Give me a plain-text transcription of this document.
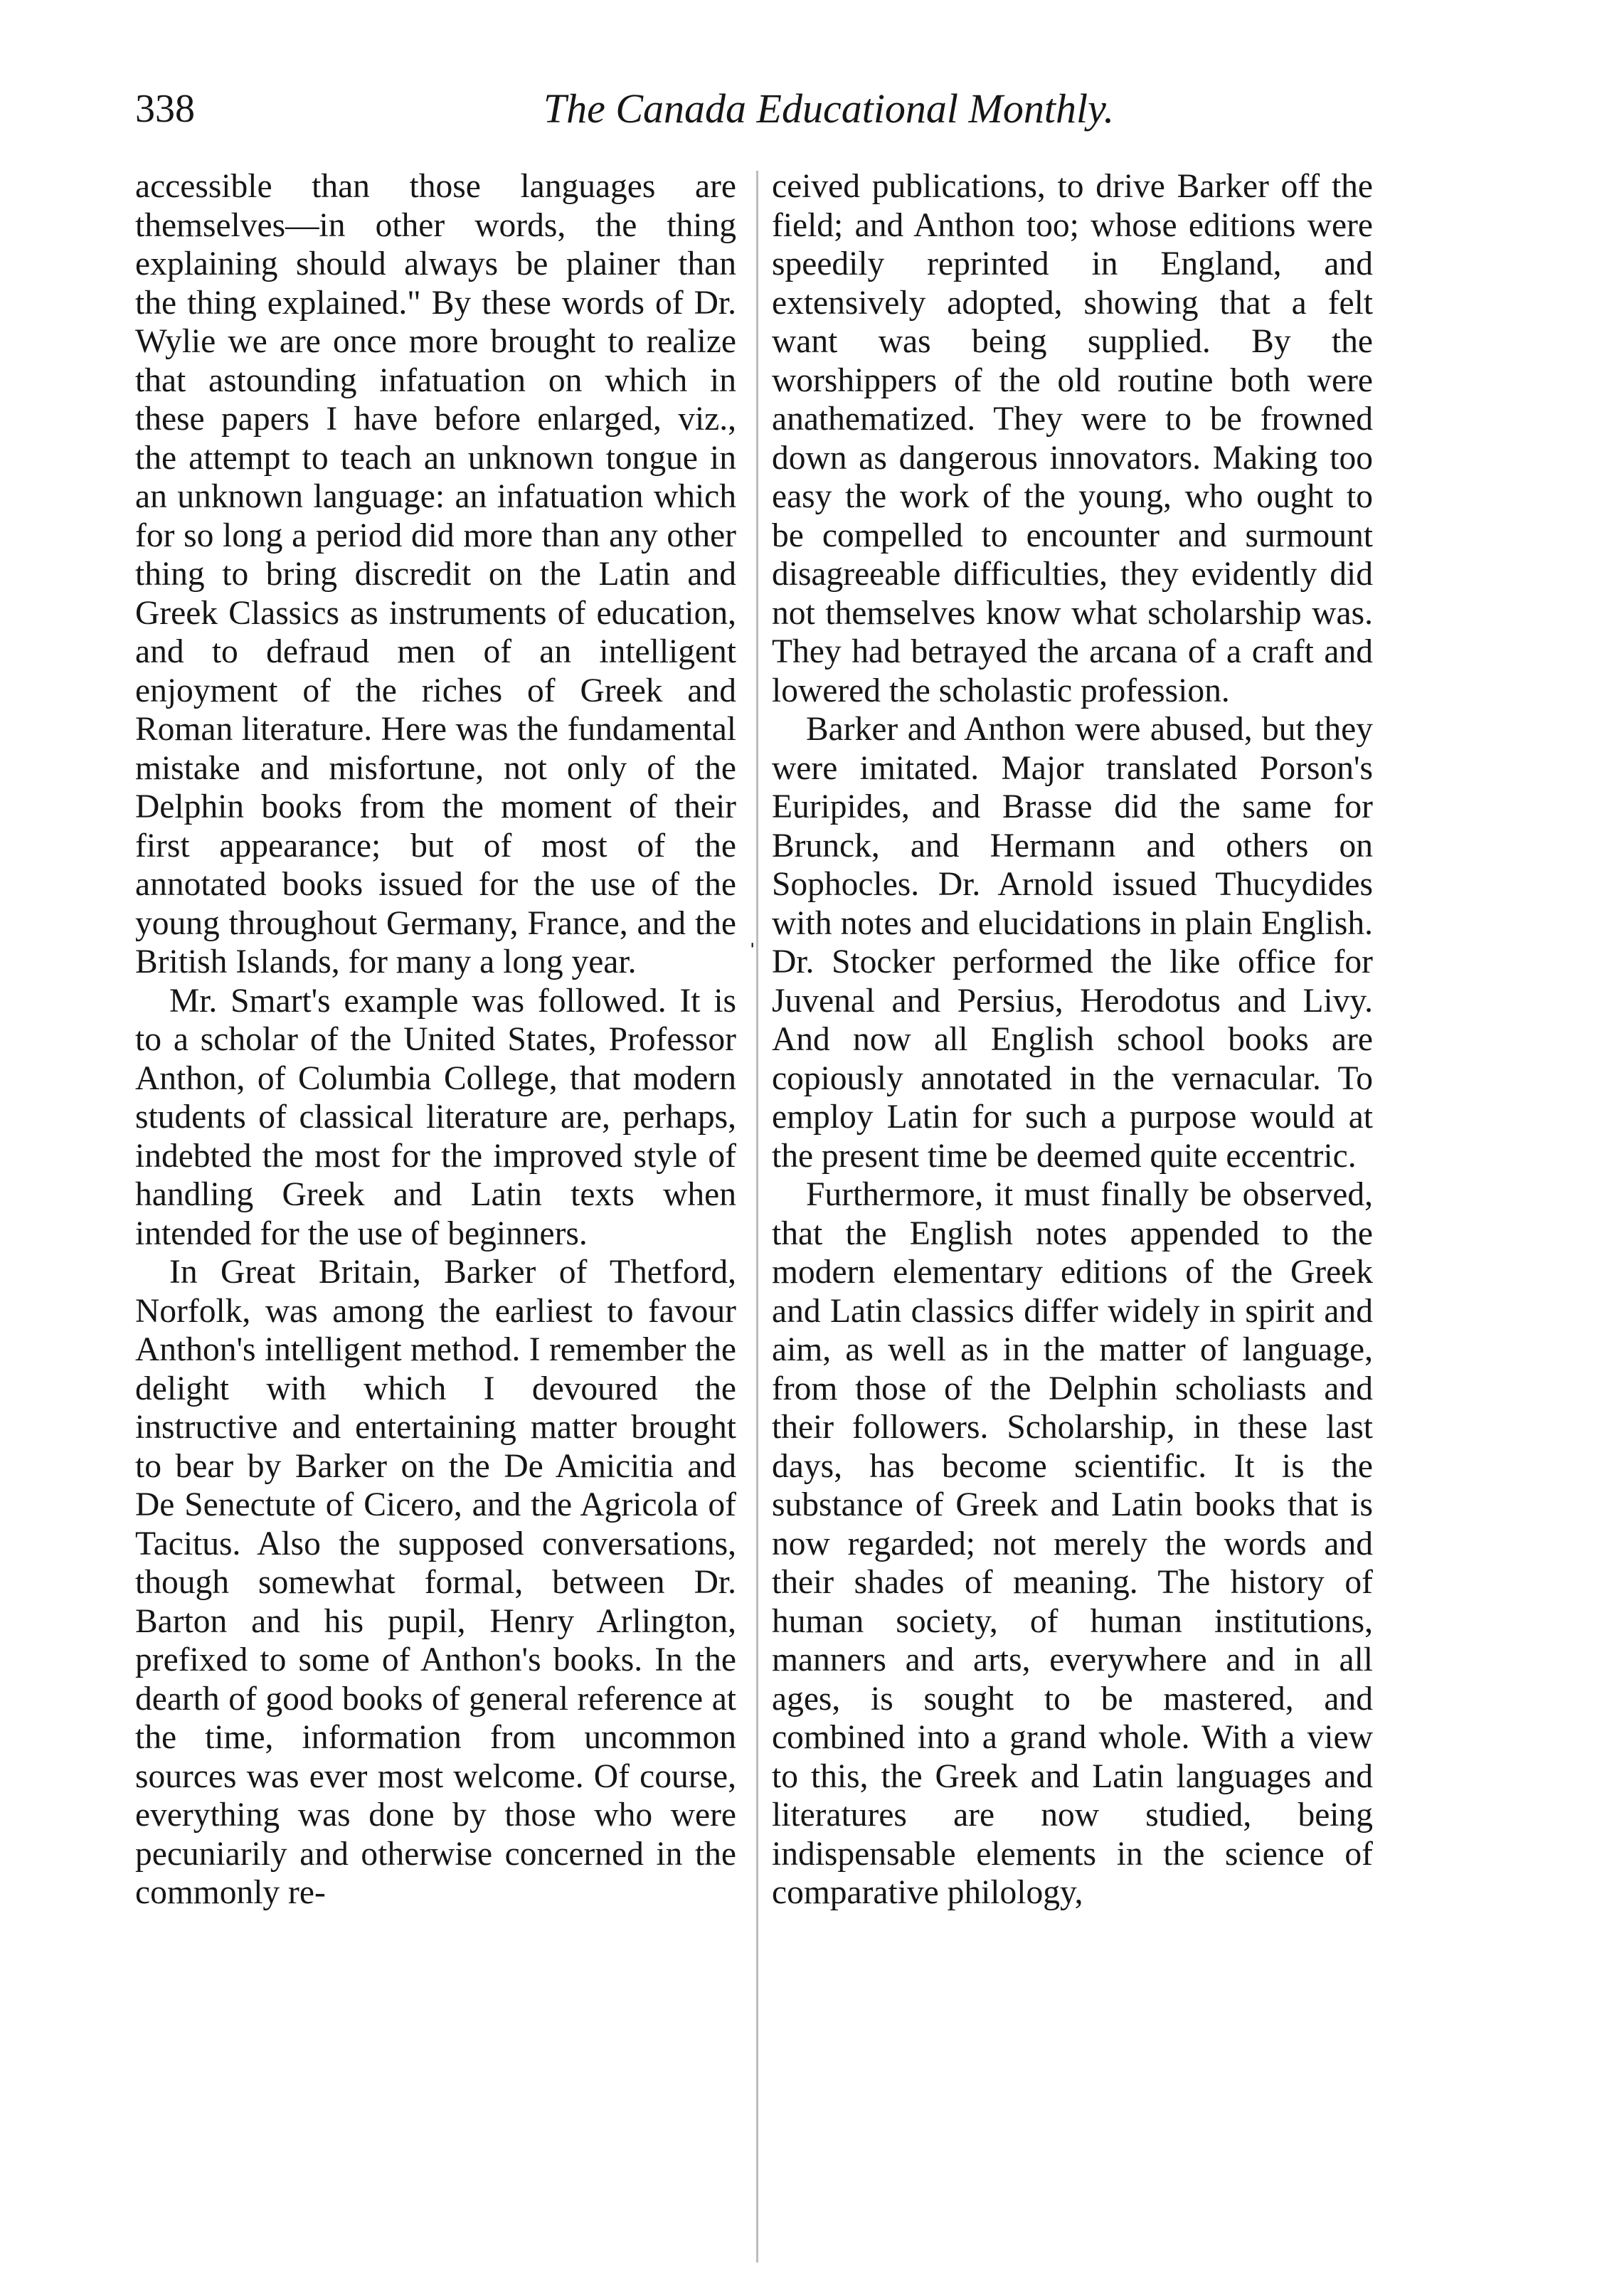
338	The Canada Educational Monthly.

accessible than those languages are themselves—in other words, the thing explaining should always be plainer than the thing explained." By these words of Dr. Wylie we are once more brought to realize that astounding infatuation on which in these papers I have before enlarged, viz., the attempt to teach an unknown tongue in an unknown language: an infatuation which for so long a period did more than any other thing to bring discredit on the Latin and Greek Classics as instruments of education, and to defraud men of an intelligent enjoyment of the riches of Greek and Roman literature. Here was the fundamental mistake and misfortune, not only of the Delphin books from the moment of their first appearance; but of most of the annotated books issued for the use of the young throughout Germany, France, and the British Islands, for many a long year.

Mr. Smart's example was followed. It is to a scholar of the United States, Professor Anthon, of Columbia College, that modern students of classical literature are, perhaps, indebted the most for the improved style of handling Greek and Latin texts when intended for the use of beginners.

In Great Britain, Barker of Thetford, Norfolk, was among the earliest to favour Anthon's intelligent method. I remember the delight with which I devoured the instructive and entertaining matter brought to bear by Barker on the De Amicitia and De Senectute of Cicero, and the Agricola of Tacitus. Also the supposed conversations, though somewhat formal, between Dr. Barton and his pupil, Henry Arlington, prefixed to some of Anthon's books. In the dearth of good books of general reference at the time, information from uncommon sources was ever most welcome. Of course, everything was done by those who were pecuniarily and otherwise concerned in the commonly re-

ˌ

ceived publications, to drive Barker off the field; and Anthon too; whose editions were speedily reprinted in England, and extensively adopted, showing that a felt want was being supplied. By the worshippers of the old routine both were anathematized. They were to be frowned down as dangerous innovators. Making too easy the work of the young, who ought to be compelled to encounter and surmount disagreeable difficulties, they evidently did not themselves know what scholarship was. They had betrayed the arcana of a craft and lowered the scholastic profession.

Barker and Anthon were abused, but they were imitated. Major translated Porson's Euripides, and Brasse did the same for Brunck, and Hermann and others on Sophocles. Dr. Arnold issued Thucydides with notes and elucidations in plain English. Dr. Stocker performed the like office for Juvenal and Persius, Herodotus and Livy. And now all English school books are copiously annotated in the vernacular. To employ Latin for such a purpose would at the present time be deemed quite eccentric.

Furthermore, it must finally be observed, that the English notes appended to the modern elementary editions of the Greek and Latin classics differ widely in spirit and aim, as well as in the matter of language, from those of the Delphin scholiasts and their followers. Scholarship, in these last days, has become scientific. It is the substance of Greek and Latin books that is now regarded; not merely the words and their shades of meaning. The history of human society, of human institutions, manners and arts, everywhere and in all ages, is sought to be mastered, and combined into a grand whole. With a view to this, the Greek and Latin languages and literatures are now studied, being indispensable elements in the science of comparative philology,
